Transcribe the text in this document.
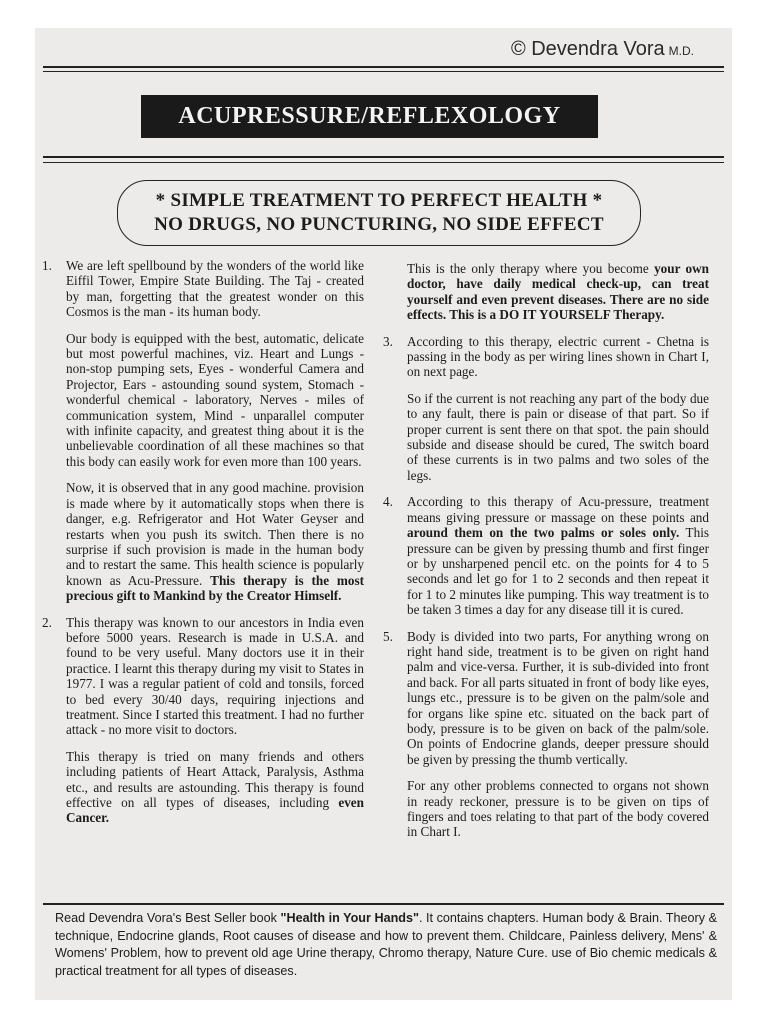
© Devendra Vora M.D.
ACUPRESSURE/REFLEXOLOGY
* SIMPLE TREATMENT TO PERFECT HEALTH *
NO DRUGS, NO PUNCTURING, NO SIDE EFFECT

1. We are left spellbound by the wonders of the world like Eiffil Tower, Empire State Building. The Taj - created by man, forgetting that the greatest wonder on this Cosmos is the man - its human body.

Our body is equipped with the best, automatic, delicate but most powerful machines, viz. Heart and Lungs - non-stop pumping sets, Eyes - wonderful Camera and Projector, Ears - astounding sound system, Stomach - wonderful chemical - laboratory, Nerves - miles of communication system, Mind - unparallel computer with infinite capacity, and greatest thing about it is the unbelievable coordination of all these machines so that this body can easily work for even more than 100 years.

Now, it is observed that in any good machine. provision is made where by it automatically stops when there is danger, e.g. Refrigerator and Hot Water Geyser and restarts when you push its switch. Then there is no surprise if such provision is made in the human body and to restart the same. This health science is popularly known as Acu-Pressure. This therapy is the most precious gift to Mankind by the Creator Himself.

2. This therapy was known to our ancestors in India even before 5000 years. Research is made in U.S.A. and found to be very useful. Many doctors use it in their practice. I learnt this therapy during my visit to States in 1977. I was a regular patient of cold and tonsils, forced to bed every 30/40 days, requiring injections and treatment. Since I started this treatment. I had no further attack - no more visit to doctors.

This therapy is tried on many friends and others including patients of Heart Attack, Paralysis, Asthma etc., and results are astounding. This therapy is found effective on all types of diseases, including even Cancer.

This is the only therapy where you become your own doctor, have daily medical check-up, can treat yourself and even prevent diseases. There are no side effects. This is a DO IT YOURSELF Therapy.

3. According to this therapy, electric current - Chetna is passing in the body as per wiring lines shown in Chart I, on next page.

So if the current is not reaching any part of the body due to any fault, there is pain or disease of that part. So if proper current is sent there on that spot. the pain should subside and disease should be cured, The switch board of these currents is in two palms and two soles of the legs.

4. According to this therapy of Acu-pressure, treatment means giving pressure or massage on these points and around them on the two palms or soles only. This pressure can be given by pressing thumb and first finger or by unsharpened pencil etc. on the points for 4 to 5 seconds and let go for 1 to 2 seconds and then repeat it for 1 to 2 minutes like pumping. This way treatment is to be taken 3 times a day for any disease till it is cured.

5. Body is divided into two parts, For anything wrong on right hand side, treatment is to be given on right hand palm and vice-versa. Further, it is sub-divided into front and back. For all parts situated in front of body like eyes, lungs etc., pressure is to be given on the palm/sole and for organs like spine etc. situated on the back part of body, pressure is to be given on back of the palm/sole. On points of Endocrine glands, deeper pressure should be given by pressing the thumb vertically.

For any other problems connected to organs not shown in ready reckoner, pressure is to be given on tips of fingers and toes relating to that part of the body covered in Chart I.

Read Devendra Vora's Best Seller book "Health in Your Hands". It contains chapters. Human body & Brain. Theory & technique, Endocrine glands, Root causes of disease and how to prevent them. Childcare, Painless delivery, Mens' & Womens' Problem, how to prevent old age Urine therapy, Chromo therapy, Nature Cure. use of Bio chemic medicals & practical treatment for all types of diseases.
